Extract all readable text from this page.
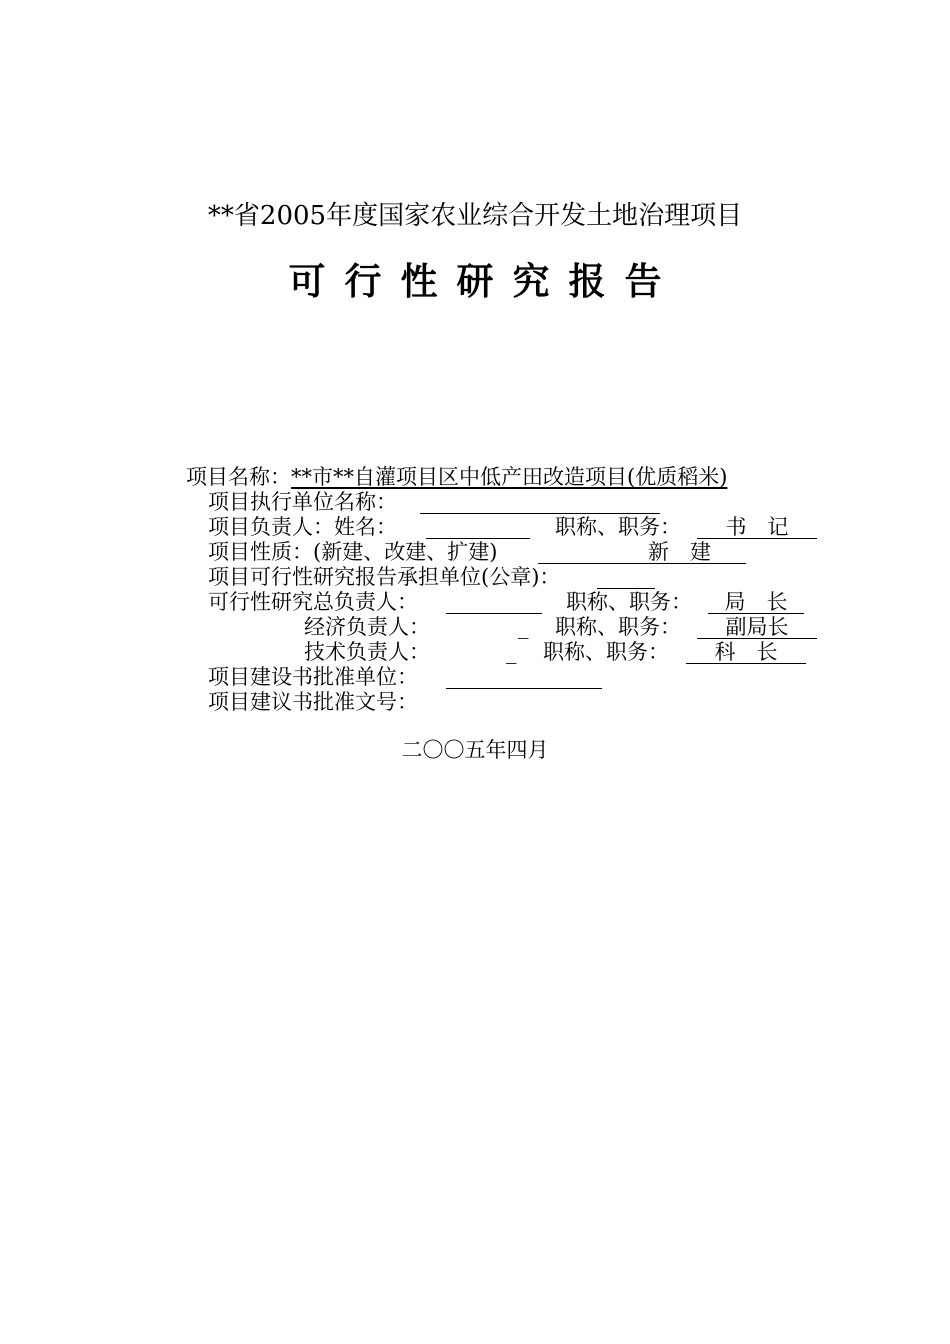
**省2005年度国家农业综合开发土地治理项目
可行性研究报告
项目名称：**市**自灌项目区中低产田改造项目(优质稻米)
项目执行单位名称：
项目负责人：姓名：	职称、职务：	书　记
项目性质：(新建、改建、扩建)	新　建
项目可行性研究报告承担单位(公章)：
可行性研究总负责人：	职称、职务：	局　长
经济负责人：	_ 职称、职务：	副局长
技术负责人：	_ 职称、职务：	科　长
项目建设书批准单位：
项目建议书批准文号：
二〇〇五年四月
